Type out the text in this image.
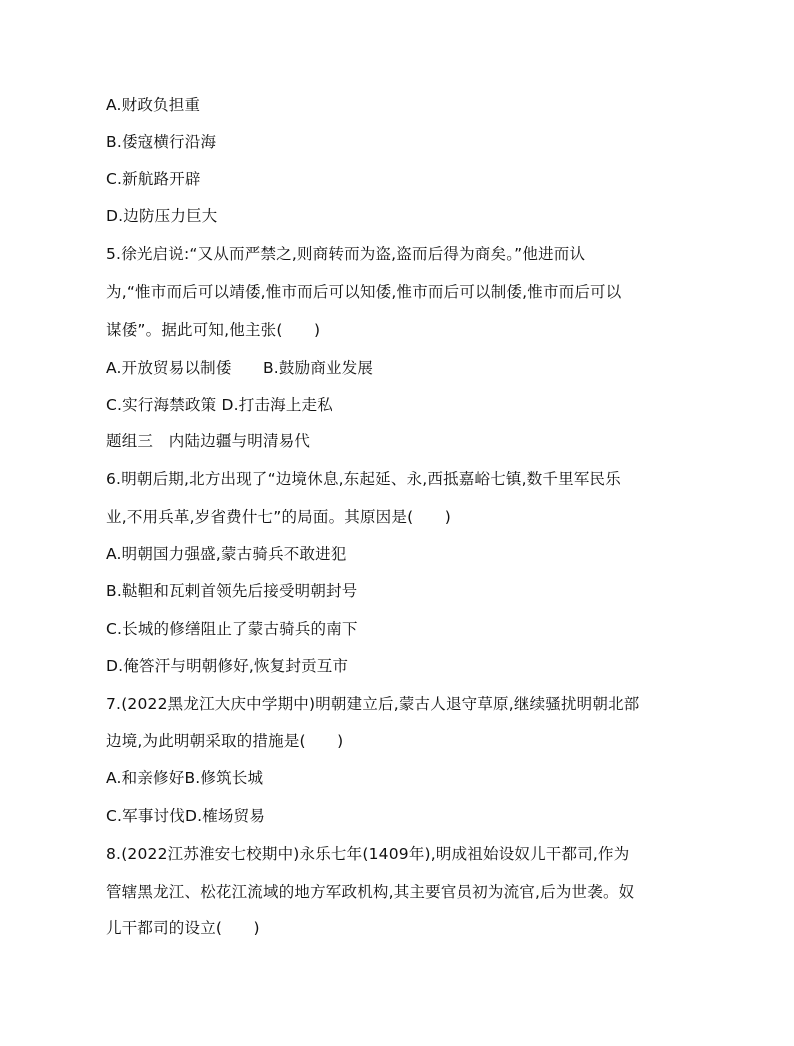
A.财政负担重
B.倭寇横行沿海
C.新航路开辟
D.边防压力巨大
5.徐光启说:“又从而严禁之,则商转而为盗,盗而后得为商矣。”他进而认
为,“惟市而后可以靖倭,惟市而后可以知倭,惟市而后可以制倭,惟市而后可以
谋倭”。据此可知,他主张(　　)
A.开放贸易以制倭　　B.鼓励商业发展
C.实行海禁政策 D.打击海上走私
题组三　内陆边疆与明清易代
6.明朝后期,北方出现了“边境休息,东起延、永,西抵嘉峪七镇,数千里军民乐
业,不用兵革,岁省费什七”的局面。其原因是(　　)
A.明朝国力强盛,蒙古骑兵不敢进犯
B.鞑靼和瓦剌首领先后接受明朝封号
C.长城的修缮阻止了蒙古骑兵的南下
D.俺答汗与明朝修好,恢复封贡互市
7.(2022黑龙江大庆中学期中)明朝建立后,蒙古人退守草原,继续骚扰明朝北部
边境,为此明朝采取的措施是(　　)
A.和亲修好B.修筑长城
C.军事讨伐D.榷场贸易
8.(2022江苏淮安七校期中)永乐七年(1409年),明成祖始设奴儿干都司,作为
管辖黑龙江、松花江流域的地方军政机构,其主要官员初为流官,后为世袭。奴
儿干都司的设立(　　)
